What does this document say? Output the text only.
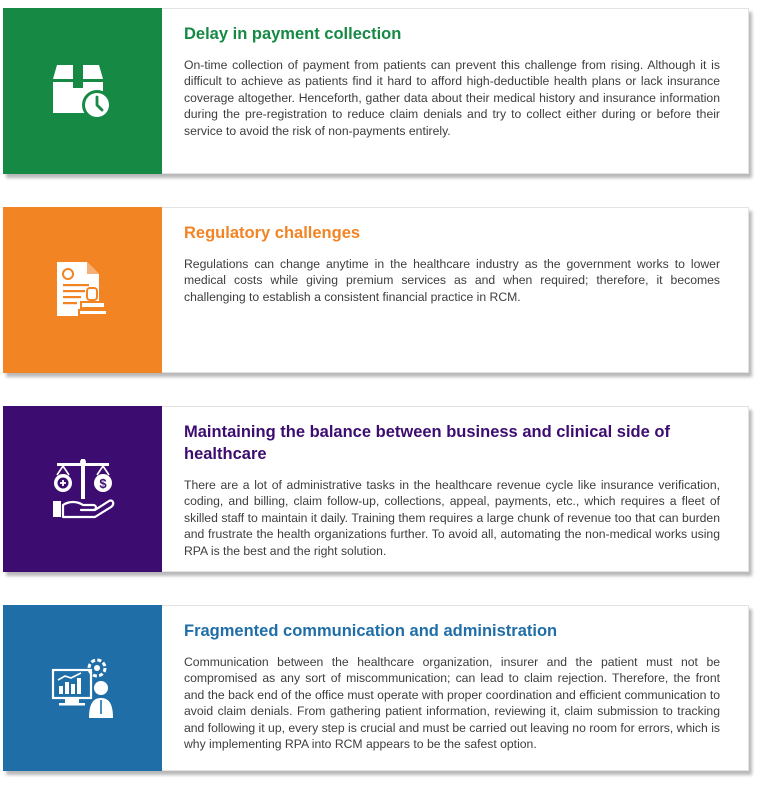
Delay in payment collection

On-time collection of payment from patients can prevent this challenge from rising. Although it is difficult to achieve as patients find it hard to afford high-deductible health plans or lack insurance coverage altogether. Henceforth, gather data about their medical history and insurance information during the pre-registration to reduce claim denials and try to collect either during or before their service to avoid the risk of non-payments entirely.

Regulatory challenges

Regulations can change anytime in the healthcare industry as the government works to lower medical costs while giving premium services as and when required; therefore, it becomes challenging to establish a consistent financial practice in RCM.

$
Maintaining the balance between business and clinical side of healthcare

There are a lot of administrative tasks in the healthcare revenue cycle like insurance verification, coding, and billing, claim follow-up, collections, appeal, payments, etc., which requires a fleet of skilled staff to maintain it daily. Training them requires a large chunk of revenue too that can burden and frustrate the health organizations further. To avoid all, automating the non-medical works using RPA is the best and the right solution.

Fragmented communication and administration

Communication between the healthcare organization, insurer and the patient must not be compromised as any sort of miscommunication; can lead to claim rejection. Therefore, the front and the back end of the office must operate with proper coordination and efficient communication to avoid claim denials. From gathering patient information, reviewing it, claim submission to tracking and following it up, every step is crucial and must be carried out leaving no room for errors, which is why implementing RPA into RCM appears to be the safest option.
